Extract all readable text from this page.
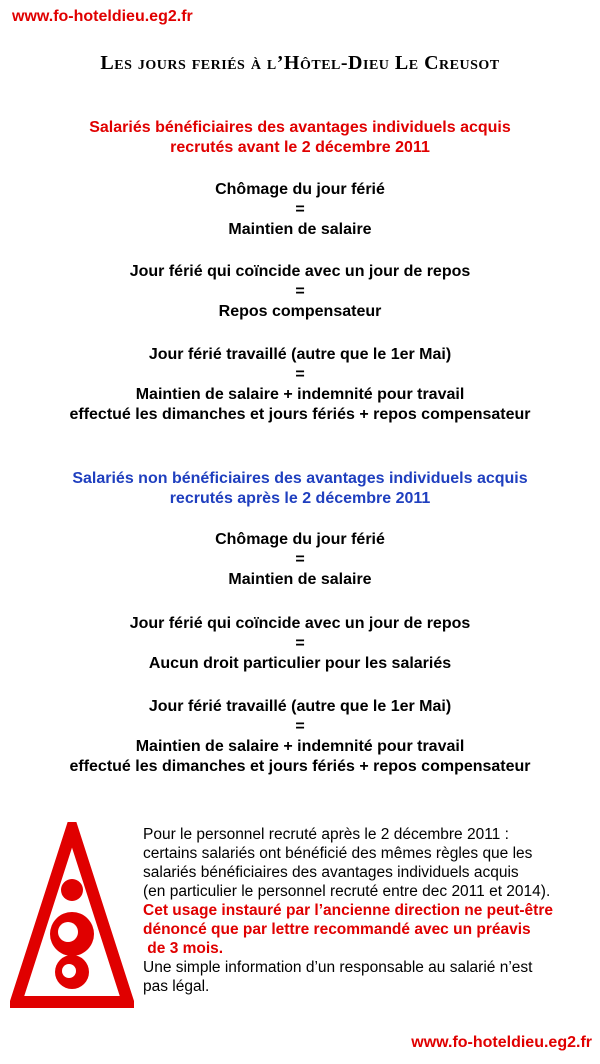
www.fo-hoteldieu.eg2.fr
Les jours feriés à l’Hôtel-Dieu Le Creusot
Salariés bénéficiaires des avantages individuels acquis
recrutés avant le 2 décembre 2011
Chômage du jour férié
=
Maintien de salaire
Jour férié qui coïncide avec un jour de repos
=
Repos compensateur
Jour férié travaillé (autre que le 1er Mai)
=
Maintien de salaire + indemnité pour travail
effectué les dimanches et jours fériés + repos compensateur
Salariés non bénéficiaires des avantages individuels acquis
recrutés après le 2 décembre 2011
Chômage du jour férié
=
Maintien de salaire
Jour férié qui coïncide avec un jour de repos
=
Aucun droit particulier pour les salariés
Jour férié travaillé (autre que le 1er Mai)
=
Maintien de salaire + indemnité pour travail
effectué les dimanches et jours fériés + repos compensateur
Pour le personnel recruté après le 2 décembre 2011 :
certains salariés ont bénéficié des mêmes règles que les
salariés bénéficiaires des avantages individuels acquis
(en particulier le personnel recruté entre dec 2011 et 2014).
Cet usage instauré par l’ancienne direction ne peut-être
dénoncé que par lettre recommandé avec un préavis
de 3 mois.
Une simple information d’un responsable au salarié n’est
pas légal.
www.fo-hoteldieu.eg2.fr
